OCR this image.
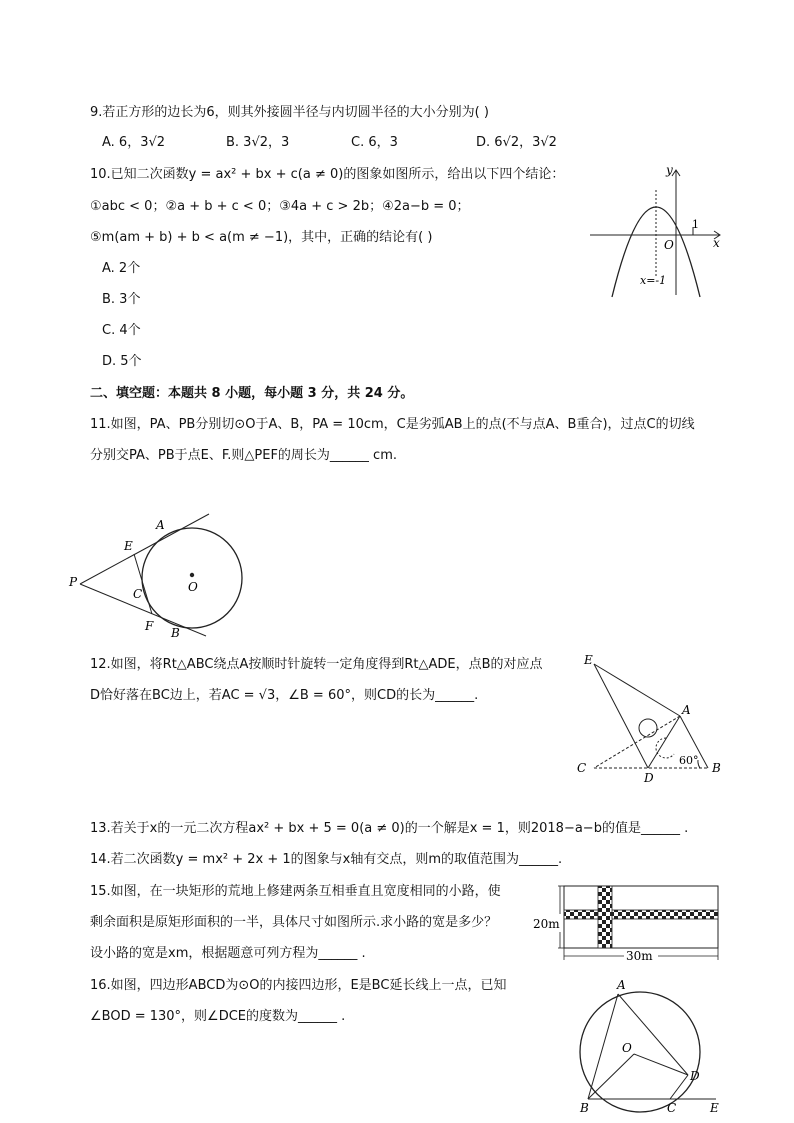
9.若正方形的边长为6，则其外接圆半径与内切圆半径的大小分别为( )
A. 6，3√2	B. 3√2，3	C. 6，3	D. 6√2，3√2
10.已知二次函数y = ax² + bx + c(a ≠ 0)的图象如图所示，给出以下四个结论：
①abc < 0；②a + b + c < 0；③4a + c > 2b；④2a−b = 0；
⑤m(am + b) + b < a(m ≠ −1)，其中，正确的结论有( )
A. 2个
B. 3个
C. 4个
D. 5个
y
x
O
1
x=-1
二、填空题：本题共 8 小题，每小题 3 分，共 24 分。
11.如图，PA、PB分别切⊙O于A、B，PA = 10cm，C是劣弧AB上的点(不与点A、B重合)，过点C的切线
分别交PA、PB于点E、F.则△PEF的周长为______ cm.
P
A
B
E
F
C	O
12.如图，将Rt△ABC绕点A按顺时针旋转一定角度得到Rt△ADE，点B的对应点
D恰好落在BC边上，若AC = √3，∠B = 60°，则CD的长为______.
E
A
C
D
B
60°
13.若关于x的一元二次方程ax² + bx + 5 = 0(a ≠ 0)的一个解是x = 1，则2018−a−b的值是______ .
14.若二次函数y = mx² + 2x + 1的图象与x轴有交点，则m的取值范围为______.
15.如图，在一块矩形的荒地上修建两条互相垂直且宽度相同的小路，使
剩余面积是原矩形面积的一半，具体尺寸如图所示.求小路的宽是多少？
设小路的宽是xm，根据题意可列方程为______ .
20m
30m
16.如图，四边形ABCD为⊙O的内接四边形，E是BC延长线上一点，已知
∠BOD = 130°，则∠DCE的度数为______ .
A
O
D
B	C	E
